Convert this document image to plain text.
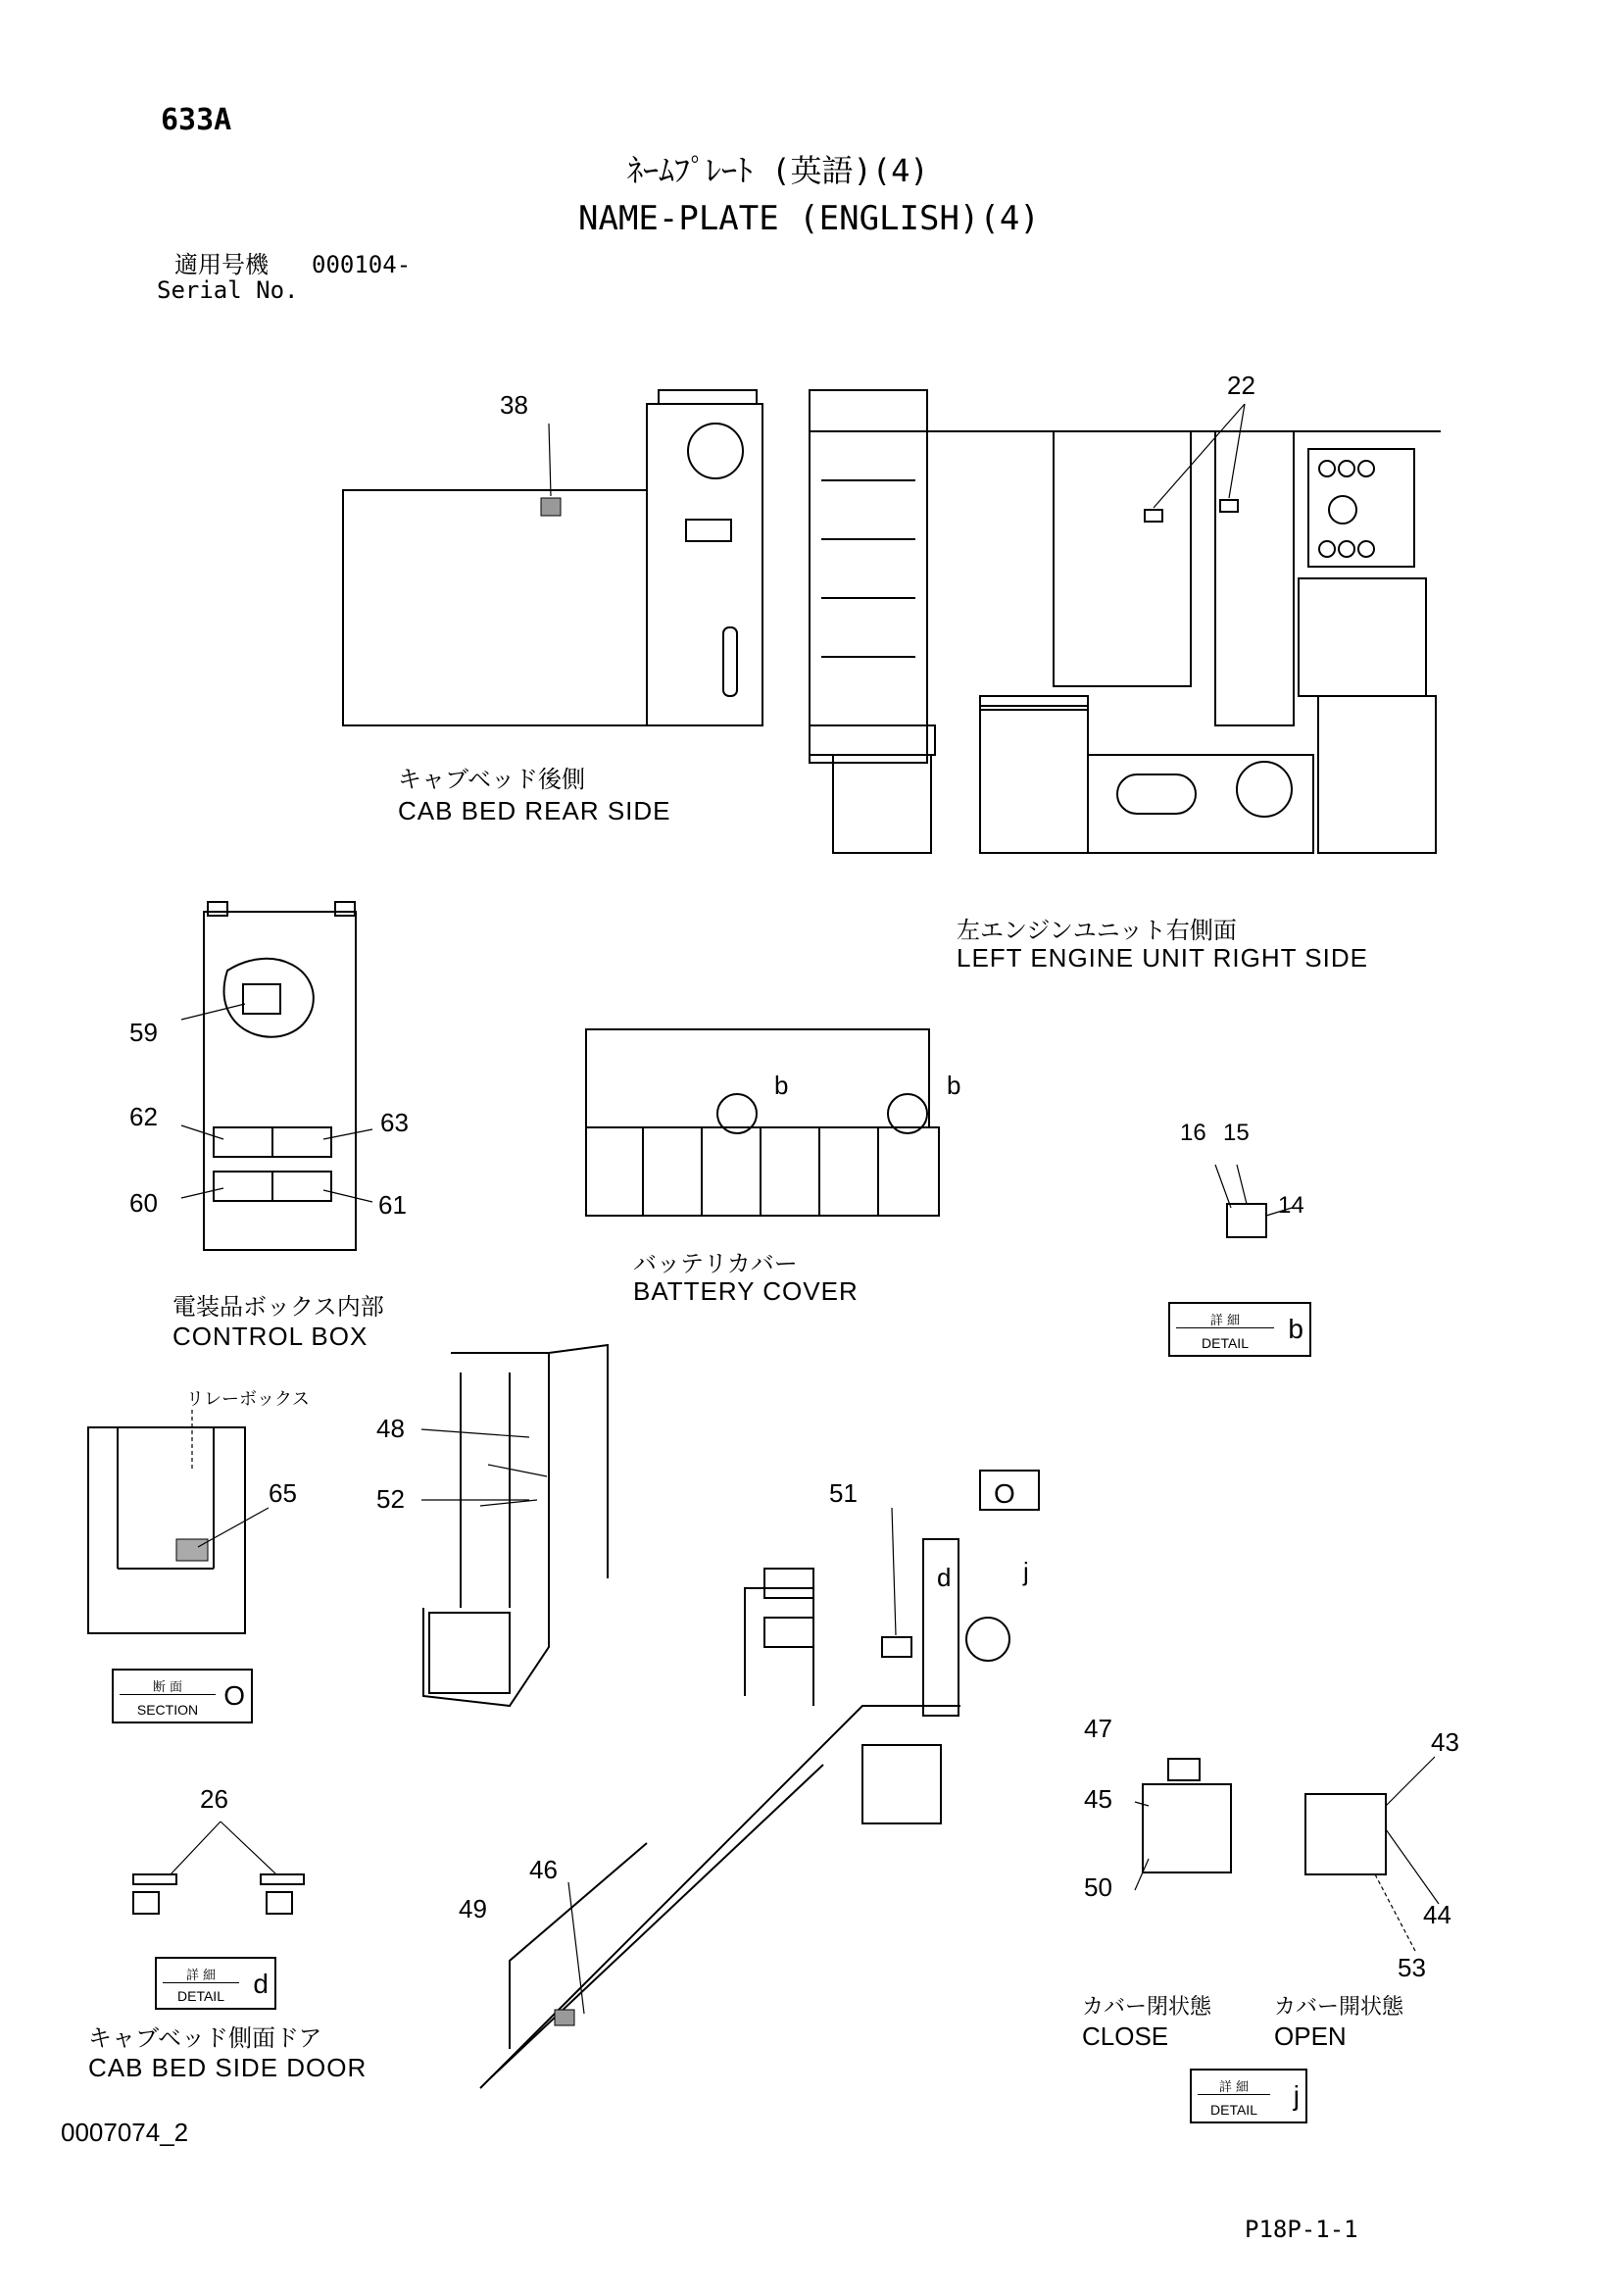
633A
ﾈｰﾑﾌﾟﾚｰﾄ (英語)(4)
NAME-PLATE (ENGLISH)(4)
適用号機 000104-
Serial No.
キャブベッド後側
CAB BED REAR SIDE
左エンジンユニット右側面
LEFT ENGINE UNIT RIGHT SIDE
電装品ボックス内部
CONTROL BOX
バッテリカバー
BATTERY COVER
リレーボックス
キャブベッド側面ドア
CAB BED SIDE DOOR
カバー閉状態
CLOSE
カバー開状態
OPEN
詳 細
DETAIL	b
断 面
SECTION O
詳 細
DETAIL	d
詳 細
DETAIL	j
38
22
59
62	63
60	61
b	b
16 15
14
48
52
65	51	O
d	j
26
46
49
47
45
50
43
44
53
0007074_2
P18P-1-1
